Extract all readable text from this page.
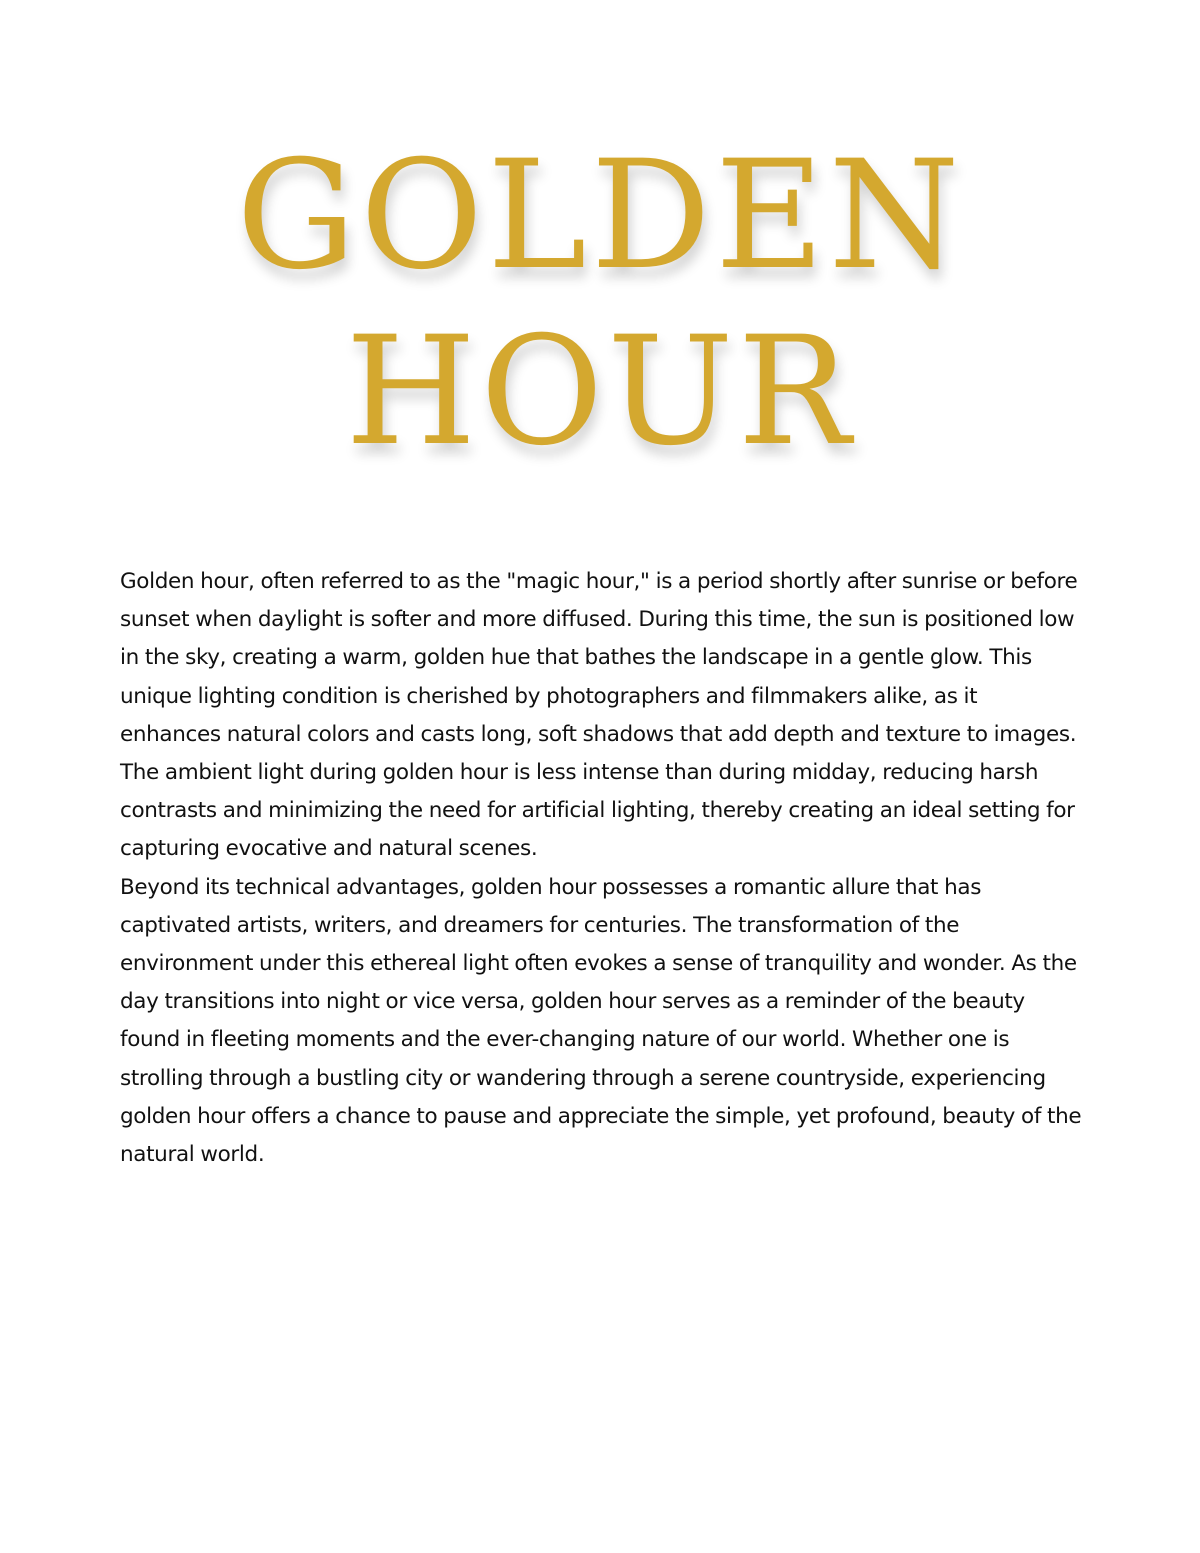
GOLDEN
HOUR

Golden hour, often referred to as the "magic hour," is a period shortly after sunrise or before sunset when daylight is softer and more diffused. During this time, the sun is positioned low in the sky, creating a warm, golden hue that bathes the landscape in a gentle glow. This unique lighting condition is cherished by photographers and filmmakers alike, as it enhances natural colors and casts long, soft shadows that add depth and texture to images. The ambient light during golden hour is less intense than during midday, reducing harsh contrasts and minimizing the need for artificial lighting, thereby creating an ideal setting for capturing evocative and natural scenes.

Beyond its technical advantages, golden hour possesses a romantic allure that has captivated artists, writers, and dreamers for centuries. The transformation of the environment under this ethereal light often evokes a sense of tranquility and wonder. As the day transitions into night or vice versa, golden hour serves as a reminder of the beauty found in fleeting moments and the ever-changing nature of our world. Whether one is strolling through a bustling city or wandering through a serene countryside, experiencing golden hour offers a chance to pause and appreciate the simple, yet profound, beauty of the natural world.
